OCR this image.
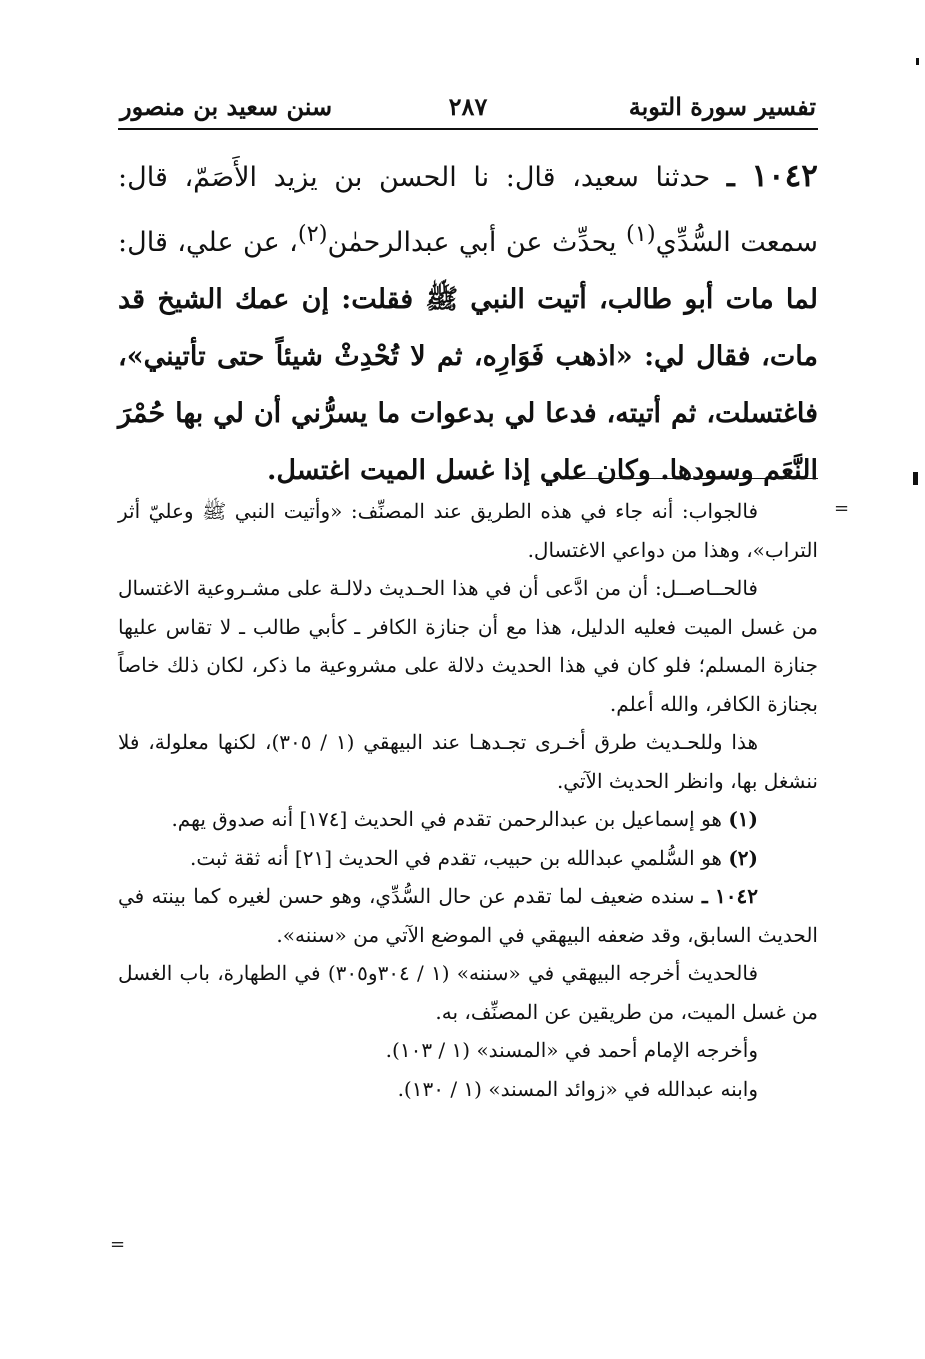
تفسير سورة التوبة
٢٨٧
سنن سعيد بن منصور

١٠٤٢ ـ حدثنا سعيد، قال: نا الحسن بن يزيد الأَصَمّ، قال: سمعت السُّدِّي$^{(١)}$ يحدِّث عن أبي عبدالرحمٰن$^{(٢)}$، عن علي، قال: لما مات أبو طالب، أتيت النبي ﷺ فقلت: إن عمك الشيخ قد مات، فقال لي: «اذهب فَوَارِه، ثم لا تُحْدِثْ شيئاً حتى تأتيني»، فاغتسلت، ثم أتيته، فدعا لي بدعوات ما يسرُّني أن لي بها حُمْرَ النَّعَم وسودها. وكان علي إذا غسل الميت اغتسل.

=
=

فالجواب: أنه جاء في هذه الطريق عند المصنِّف: «وأتيت النبي ﷺ وعليّ أثر التراب»، وهذا من دواعي الاغتسال.

فالحــاصــل: أن من ادَّعى أن في هذا الحـديث دلالـة على مشـروعية الاغتسال من غسل الميت فعليه الدليل، هذا مع أن جنازة الكافر ـ كأبي طالب ـ لا تقاس عليها جنازة المسلم؛ فلو كان في هذا الحديث دلالة على مشروعية ما ذكر، لكان ذلك خاصاً بجنازة الكافر، والله أعلم.

هذا وللحـديث طرق أخـرى تجـدهـا عند البيهقي (١ / ٣٠٥)، لكنها معلولة، فلا ننشغل بها، وانظر الحديث الآتي.

(١) هو إسماعيل بن عبدالرحمن تقدم في الحديث [١٧٤] أنه صدوق يهم.

(٢) هو السُّلمي عبدالله بن حبيب، تقدم في الحديث [٢١] أنه ثقة ثبت.

١٠٤٢ ـ سنده ضعيف لما تقدم عن حال السُّدِّي، وهو حسن لغيره كما بينته في الحديث السابق، وقد ضعفه البيهقي في الموضع الآتي من «سننه».

فالحديث أخرجه البيهقي في «سننه» (١ / ٣٠٤و٣٠٥) في الطهارة، باب الغسل من غسل الميت، من طريقين عن المصنِّف، به.

وأخرجه الإمام أحمد في «المسند» (١ / ١٠٣).

وابنه عبدالله في «زوائد المسند» (١ / ١٣٠).
